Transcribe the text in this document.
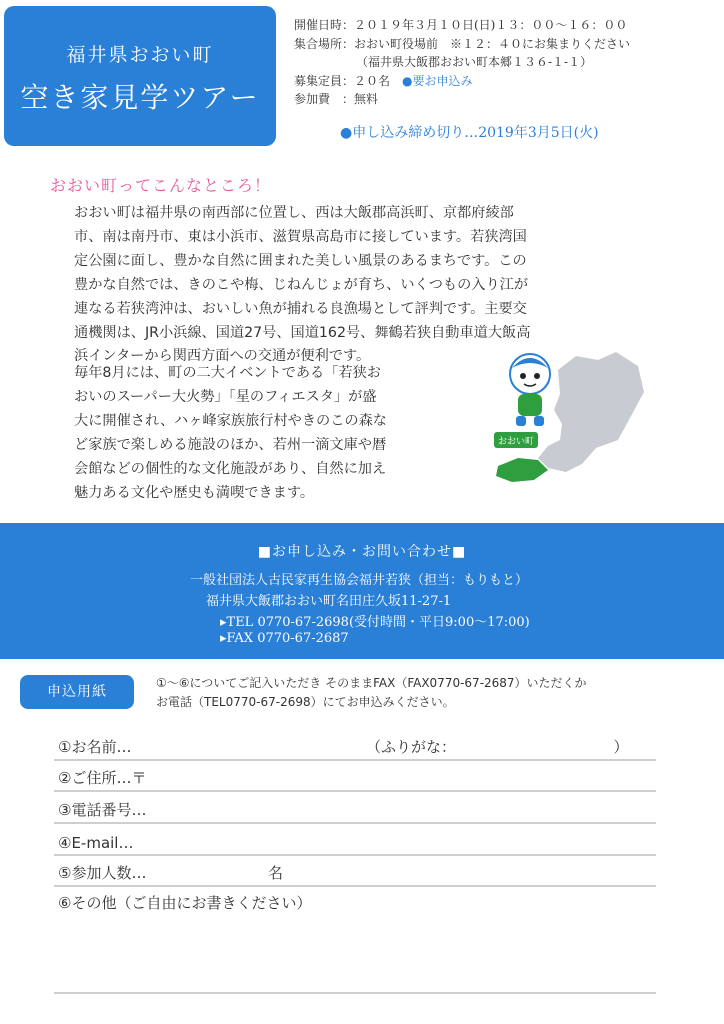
福井県おおい町
空き家見学ツアー
開催日時：２０１９年３月１０日(日)１３：００～１６：００
集合場所：おおい町役場前　※１２：４０にお集まりください
（福井県大飯郡おおい町本郷１３６-１-１）
募集定員：２０名　 ●要お申込み
参加費　：無料
●申し込み締め切り…2019年3月5日(火)
おおい町ってこんなところ！
おおい町は福井県の南西部に位置し、西は大飯郡高浜町、京都府綾部
市、南は南丹市、東は小浜市、滋賀県高島市に接しています。若狭湾国
定公園に面し、豊かな自然に囲まれた美しい風景のあるまちです。この
豊かな自然では、きのこや梅、じねんじょが育ち、いくつもの入り江が
連なる若狭湾沖は、おいしい魚が捕れる良漁場として評判です。主要交
通機関は、JR小浜線、国道27号、国道162号、舞鶴若狭自動車道大飯高
浜インターから関西方面への交通が便利です。
毎年8月には、町の二大イベントである「若狭お
おいのスーパー大火勢」「星のフィエスタ」が盛
大に開催され、ハヶ峰家族旅行村やきのこの森な
ど家族で楽しめる施設のほか、若州一滴文庫や暦
会館などの個性的な文化施設があり、自然に加え
魅力ある文化や歴史も満喫できます。
おおい町
■お申し込み・お問い合わせ■
一般社団法人古民家再生協会福井若狭（担当：もりもと）
福井県大飯郡おおい町名田庄久坂11-27-1
▸TEL 0770-67-2698(受付時間・平日9:00～17:00)
▸FAX 0770-67-2687
申込用紙
①～⑥についてご記入いただき そのままFAX（FAX0770-67-2687）いただくか
お電話（TEL0770-67-2698）にてお申込みください。
①お名前…	（ふりがな：　　　　　　　　　　　）
②ご住所…〒
③電話番号…
④E-mail…
⑤参加人数…	名
⑥その他（ご自由にお書きください）
